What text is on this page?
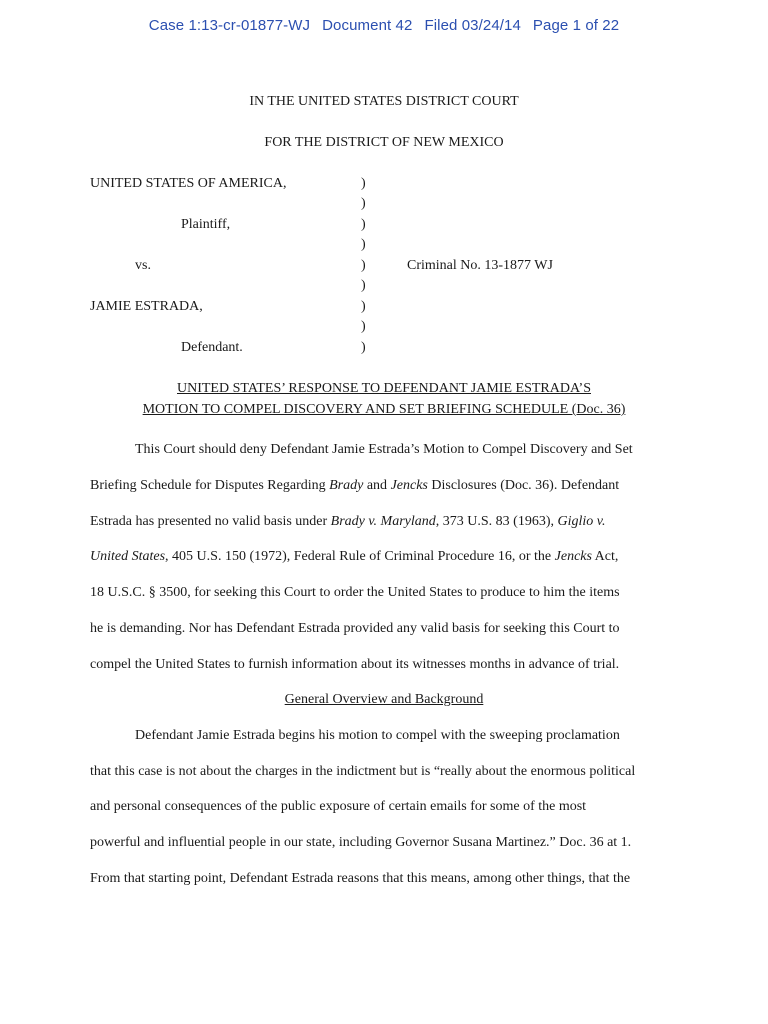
Case 1:13-cr-01877-WJ Document 42 Filed 03/24/14 Page 1 of 22
IN THE UNITED STATES DISTRICT COURT
FOR THE DISTRICT OF NEW MEXICO
UNITED STATES OF AMERICA,
Plaintiff,
vs.
JAMIE ESTRADA,
Defendant.
Criminal No. 13-1877 WJ
)
)
)
)
)
)
)
)
)
UNITED STATES’ RESPONSE TO DEFENDANT JAMIE ESTRADA’S
MOTION TO COMPEL DISCOVERY AND SET BRIEFING SCHEDULE (Doc. 36)
This Court should deny Defendant Jamie Estrada’s Motion to Compel Discovery and Set
Briefing Schedule for Disputes Regarding Brady and Jencks Disclosures (Doc. 36). Defendant
Estrada has presented no valid basis under Brady v. Maryland, 373 U.S. 83 (1963), Giglio v.
United States, 405 U.S. 150 (1972), Federal Rule of Criminal Procedure 16, or the Jencks Act,
18 U.S.C. § 3500, for seeking this Court to order the United States to produce to him the items
he is demanding. Nor has Defendant Estrada provided any valid basis for seeking this Court to
compel the United States to furnish information about its witnesses months in advance of trial.
General Overview and Background
Defendant Jamie Estrada begins his motion to compel with the sweeping proclamation
that this case is not about the charges in the indictment but is “really about the enormous political
and personal consequences of the public exposure of certain emails for some of the most
powerful and influential people in our state, including Governor Susana Martinez.” Doc. 36 at 1.
From that starting point, Defendant Estrada reasons that this means, among other things, that the
